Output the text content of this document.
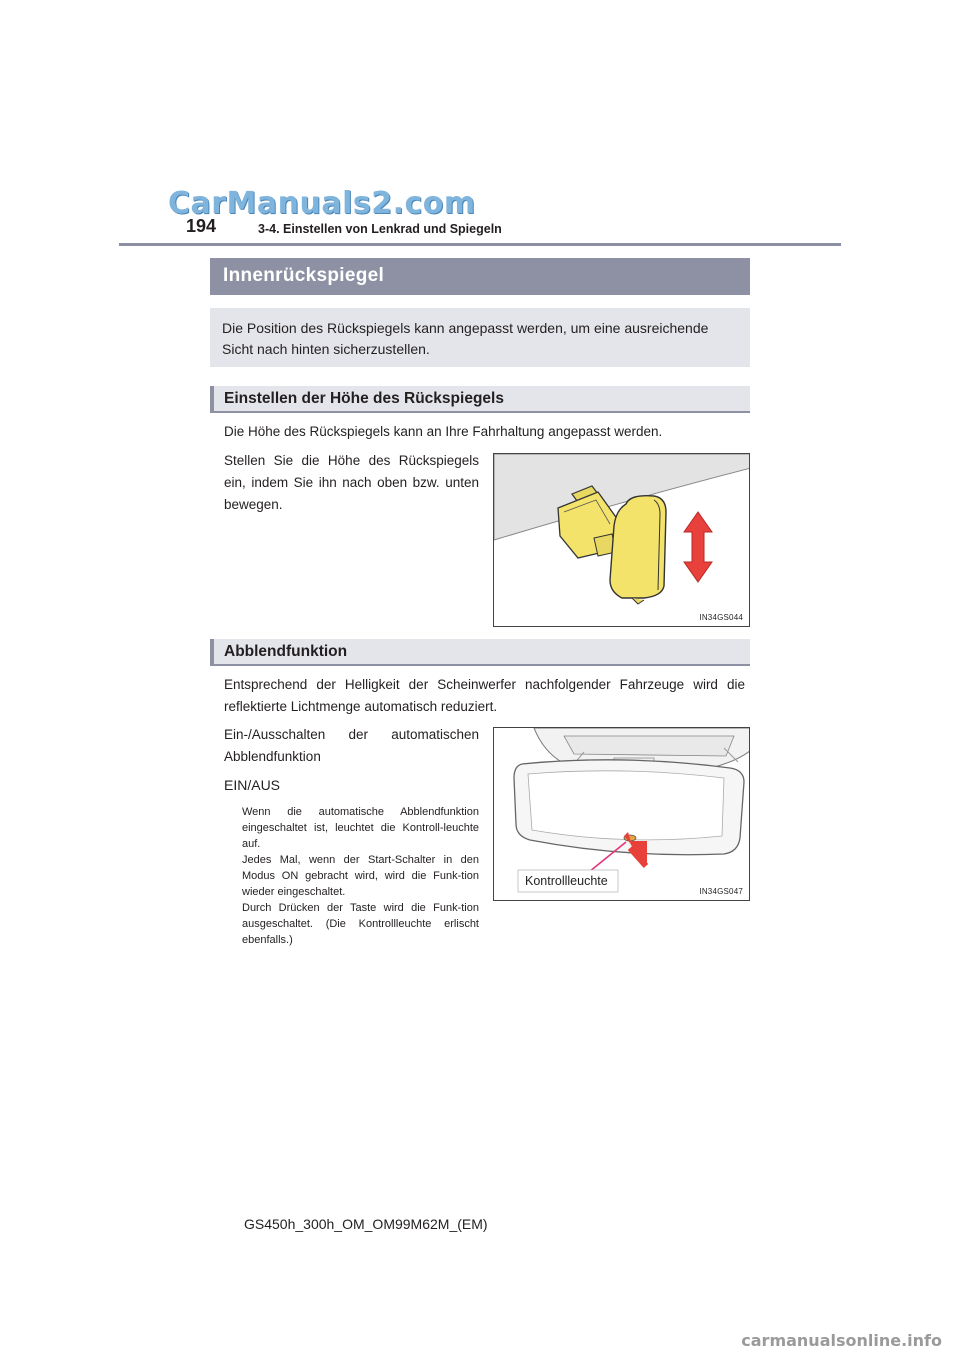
CarManuals2.com
194	3-4. Einstellen von Lenkrad und Spiegeln
Innenrückspiegel
Die Position des Rückspiegels kann angepasst werden, um eine ausreichende Sicht nach hinten sicherzustellen.
Einstellen der Höhe des Rückspiegels
Die Höhe des Rückspiegels kann an Ihre Fahrhaltung angepasst werden.
Stellen Sie die Höhe des Rückspiegels ein, indem Sie ihn nach oben bzw. unten bewegen.
IN34GS044
Abblendfunktion
Entsprechend der Helligkeit der Scheinwerfer nachfolgender Fahrzeuge wird die reflektierte Lichtmenge automatisch reduziert.
Ein-/Ausschalten der automatischen Abblendfunktion
EIN/AUS
Wenn die automatische Abblendfunktion eingeschaltet ist, leuchtet die Kontroll-leuchte auf.
Jedes Mal, wenn der Start-Schalter in den Modus ON gebracht wird, wird die Funk-tion wieder eingeschaltet.
Durch Drücken der Taste wird die Funk-tion ausgeschaltet. (Die Kontrollleuchte erlischt ebenfalls.)
Kontrollleuchte
IN34GS047
GS450h_300h_OM_OM99M62M_(EM)
carmanualsonline.info
